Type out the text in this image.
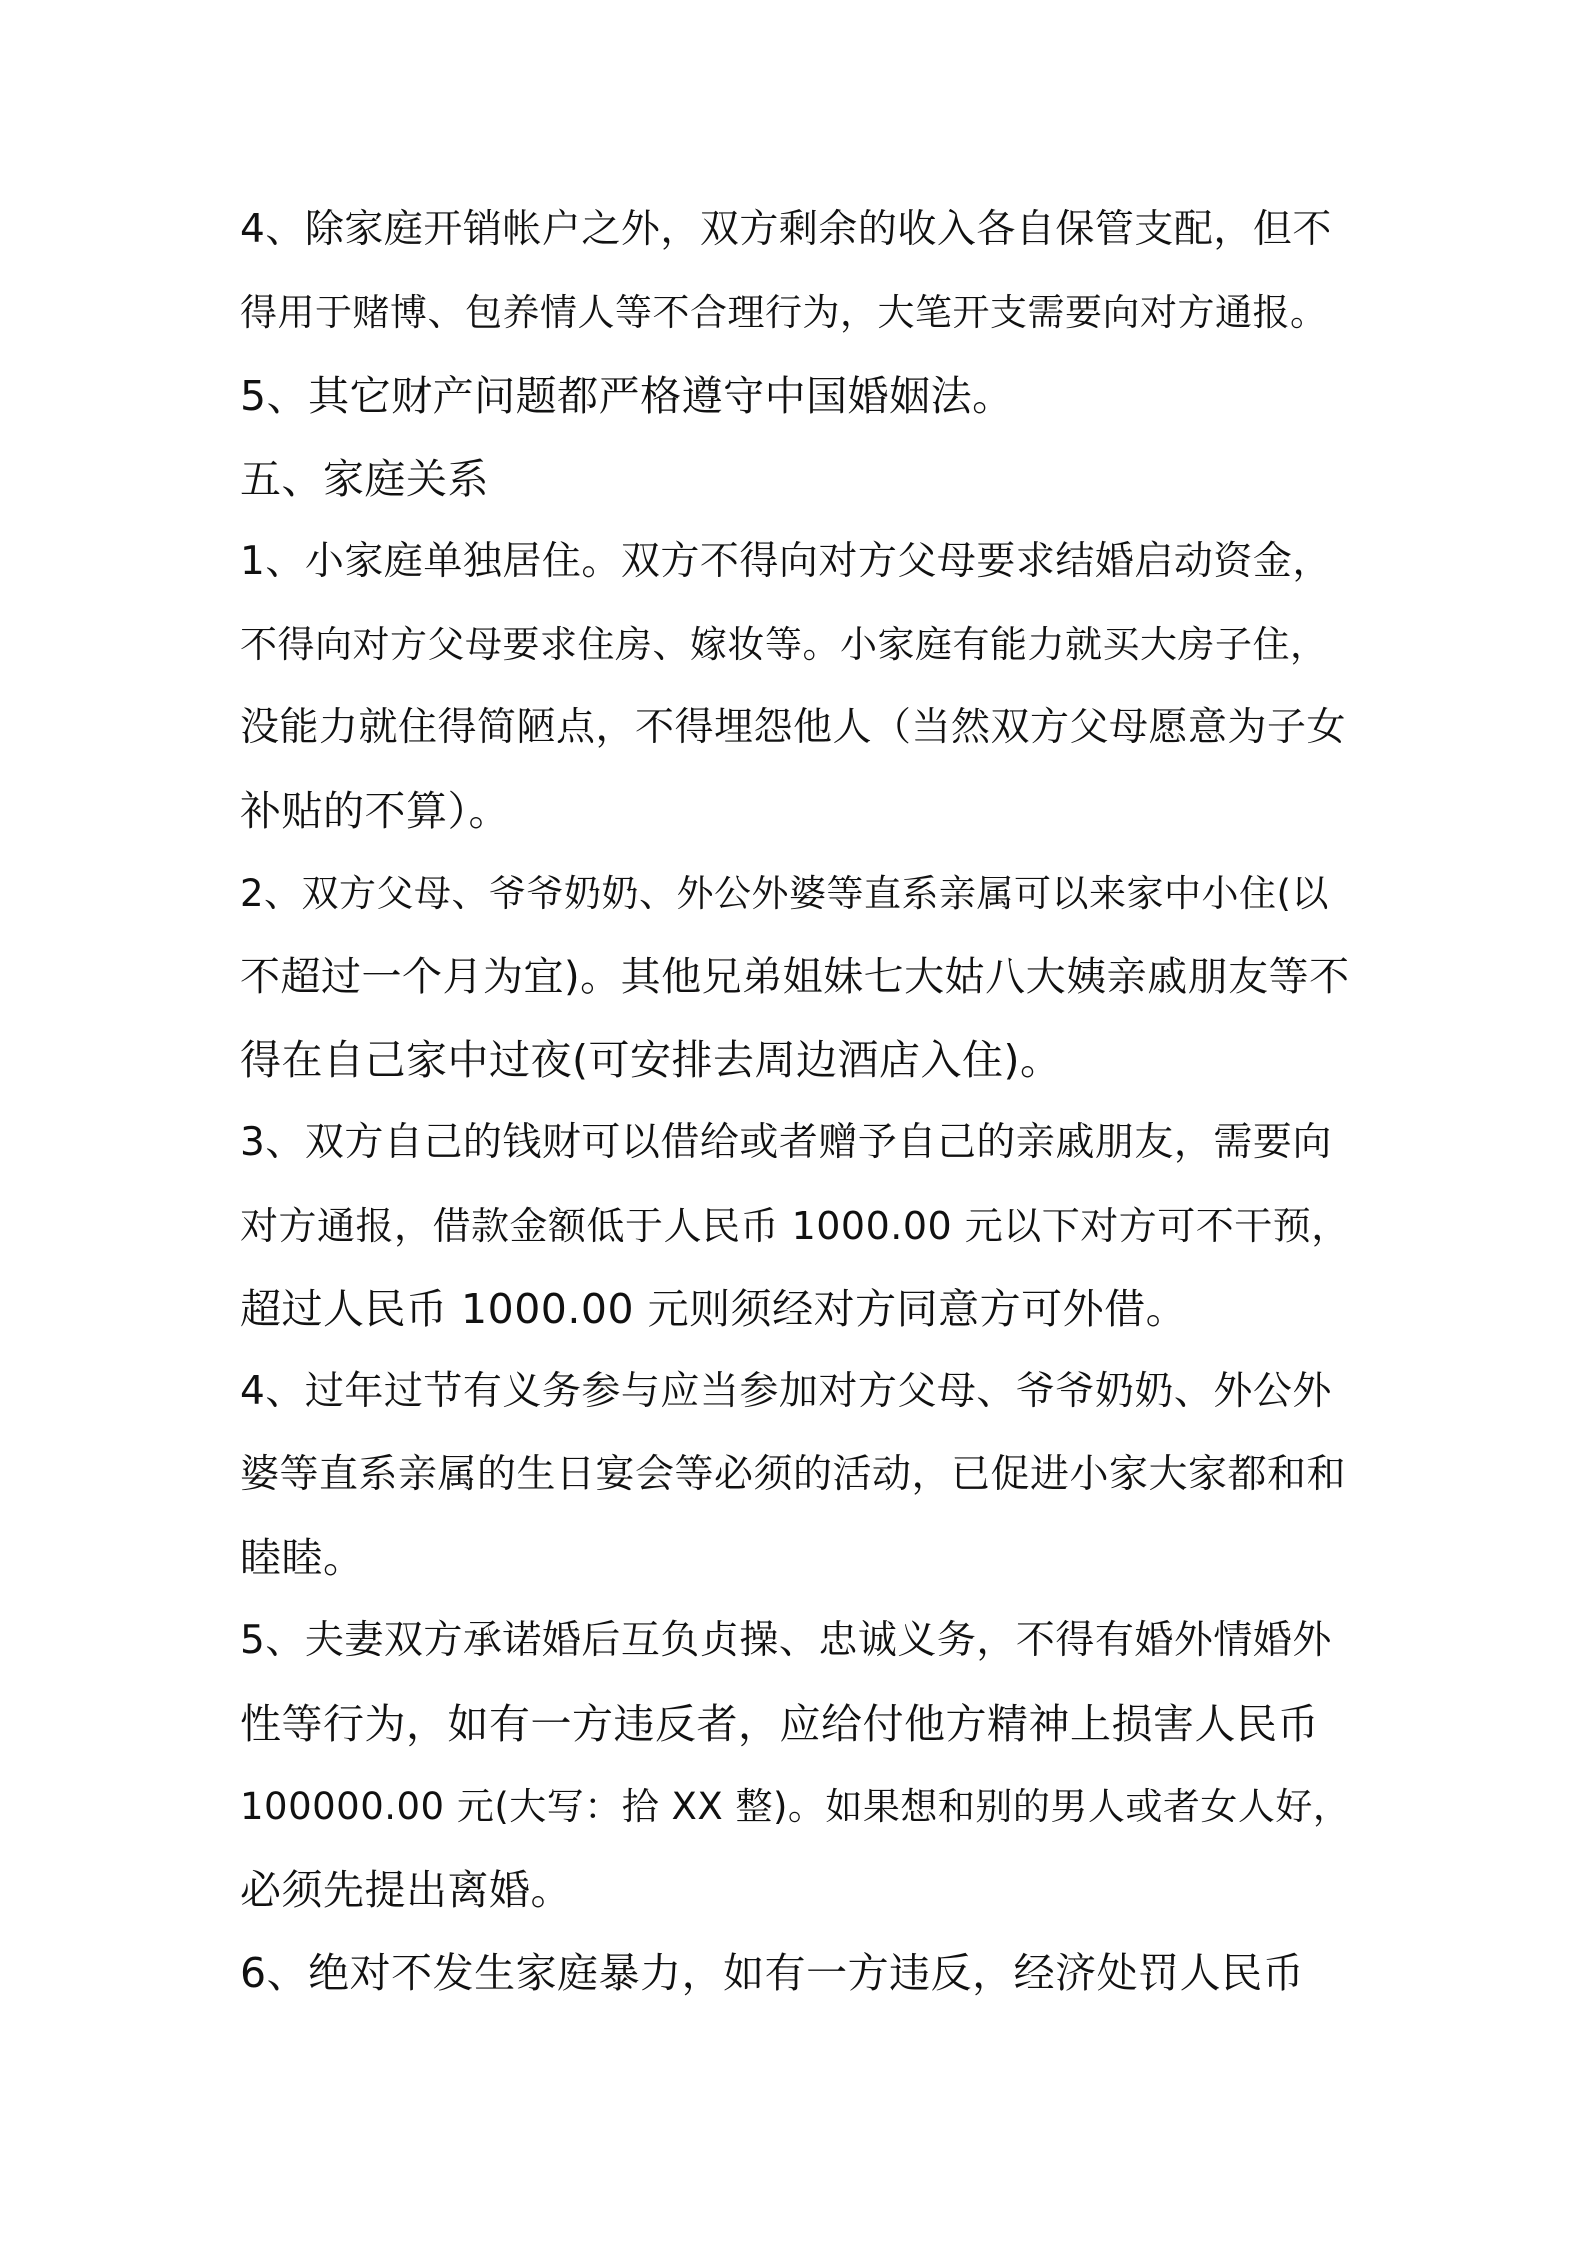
4、除家庭开销帐户之外，双方剩余的收入各自保管支配，但不
得用于赌博、包养情人等不合理行为，大笔开支需要向对方通报。
5、其它财产问题都严格遵守中国婚姻法。
五、家庭关系
1、小家庭单独居住。双方不得向对方父母要求结婚启动资金，
不得向对方父母要求住房、嫁妆等。小家庭有能力就买大房子住，
没能力就住得简陋点，不得埋怨他人（当然双方父母愿意为子女
补贴的不算）。
2、双方父母、爷爷奶奶、外公外婆等直系亲属可以来家中小住(以
不超过一个月为宜)。其他兄弟姐妹七大姑八大姨亲戚朋友等不
得在自己家中过夜(可安排去周边酒店入住)。
3、双方自己的钱财可以借给或者赠予自己的亲戚朋友，需要向
对方通报，借款金额低于人民币 1000.00 元以下对方可不干预，
超过人民币 1000.00 元则须经对方同意方可外借。
4、过年过节有义务参与应当参加对方父母、爷爷奶奶、外公外
婆等直系亲属的生日宴会等必须的活动，已促进小家大家都和和
睦睦。
5、夫妻双方承诺婚后互负贞操、忠诚义务，不得有婚外情婚外
性等行为，如有一方违反者，应给付他方精神上损害人民币
100000.00 元(大写：拾 XX 整)。如果想和别的男人或者女人好，
必须先提出离婚。
6、绝对不发生家庭暴力，如有一方违反，经济处罚人民币
